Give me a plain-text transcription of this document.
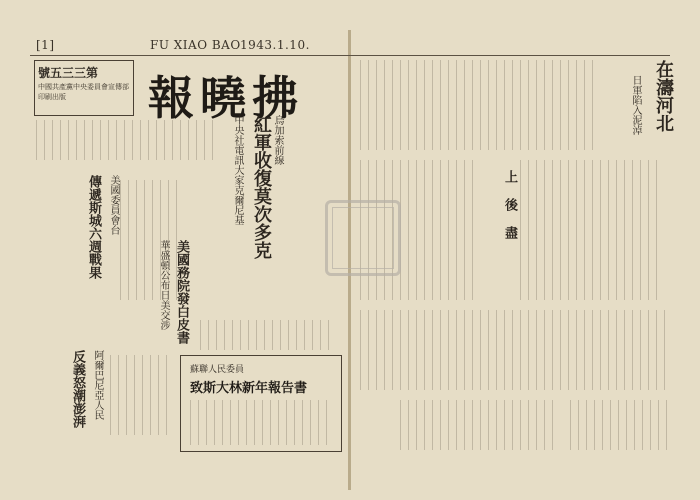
[1]	FU XIAO BAO 1943.1.10.
號五三三第
中國共產黨中央委員會宣傳部印刷出版	報曉拂
烏加索前線
紅軍收復莫次多克
中央社電訊大家克爾尼基
傳遞斯城六週戰果 美國委員會台
美國務院發白皮書
華盛頓公布日美交涉
反義怒潮澎湃 阿爾巴尼亞人民	蘇聯人民委員
致斯大林新年報告書
在濤河北
日軍陷入泥淖
上
後
盡
